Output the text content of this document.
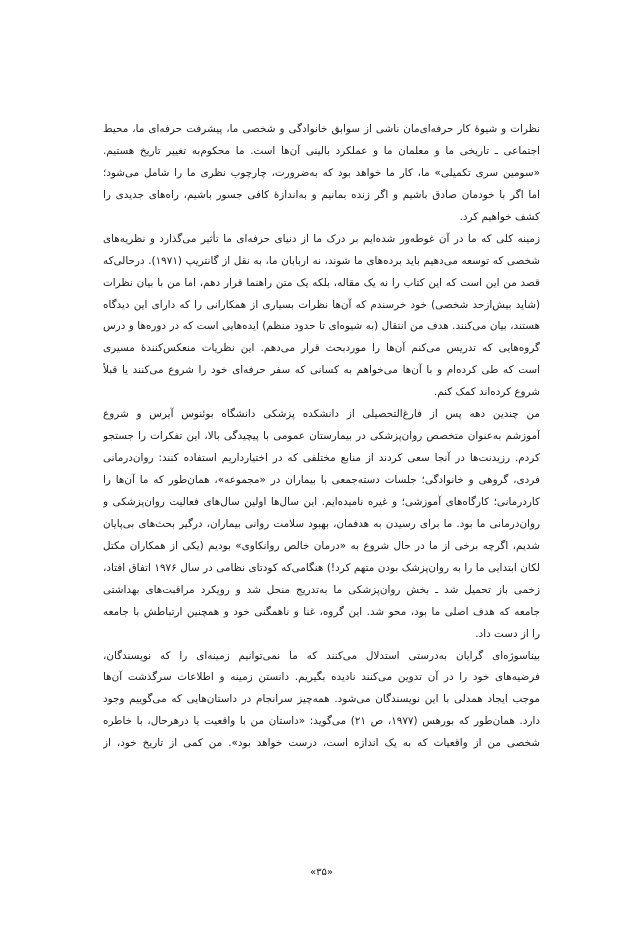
نظرات و شیوۀ کار حرفه‌ای‌مان ناشی از سوابق خانوادگی و شخصی ما، پیشرفت حرفه‌ای ما، محیط
اجتماعی ـ تاریخی ما و معلمان ما و عملکرد بالینی آن‌ها است. ما محکوم‌به تغییر تاریخ هستیم.
«سومین سری تکمیلی» ما، کار ما خواهد بود که به‌ضرورت، چارچوب نظری ما را شامل می‌شود؛
اما اگر با خودمان صادق باشیم و اگر زنده بمانیم و به‌اندازۀ کافی جسور باشیم، راه‌های جدیدی را
کشف خواهیم کرد.

زمینه کلی که ما در آن غوطه‌ور شده‌ایم بر درک ما از دنیای حرفه‌ای ما تأثیر می‌گذارد و نظریه‌های
شخصی که توسعه می‌دهیم باید برده‌های ما شوند، نه اربابان ما، به نقل از گانتریپ (۱۹۷۱). درحالی‌که
قصد من این است که این کتاب را نه یک مقاله، بلکه یک متن راهنما قرار دهم، اما من با بیان نظرات
(شاید بیش‌ازحد شخصی) خود خرسندم که آن‌ها نظرات بسیاری از همکارانی را که دارای این دیدگاه
هستند، بیان می‌کنند. هدف من انتقال (به شیوه‌ای تا حدود منظم) ایده‌هایی است که در دوره‌ها و درس
گروه‌هایی که تدریس می‌کنم آن‌ها را موردبحث قرار می‌دهم. این نظریات منعکس‌کنندۀ مسیری
است که طی کرده‌ام و با آن‌ها می‌خواهم به کسانی که سفر حرفه‌ای خود را شروع می‌کنند یا قبلاً
شروع کرده‌اند کمک کنم.

من چندین دهه پس از فارغ‌التحصیلی از دانشکده پزشکی دانشگاه بوئنوس آیرس و شروع
آموزشم به‌عنوان متخصص روان‌پزشکی در بیمارستان عمومی با پیچیدگی بالا، این تفکرات را جستجو
کردم. رزیدنت‌ها در آنجا سعی کردند از منابع مختلفی که در اختیارداریم استفاده کنند: روان‌درمانی
فردی، گروهی و خانوادگی؛ جلسات دسته‌جمعی با بیماران در «مجموعه»، همان‌طور که ما آن‌ها را
کاردرمانی؛ کارگاه‌های آموزشی؛ و غیره نامیده‌ایم. این سال‌ها اولین سال‌های فعالیت روان‌پزشکی و
روان‌درمانی ما بود. ما برای رسیدن به هدفمان، بهبود سلامت روانی بیماران، درگیر بحث‌های بی‌پایان
شدیم، اگرچه برخی از ما در حال شروع به «درمان خالص روانکاوی» بودیم (یکی از همکاران مکتل
لکان ابتدایی ما را به روان‌پزشک بودن متهم کرد!) هنگامی‌که کودتای نظامی در سال ۱۹۷۶ اتفاق افتاد،
زخمی باز تحمیل شد ـ بخش روان‌پزشکی ما به‌تدریج منحل شد و رویکرد مراقبت‌های بهداشتی
جامعه که هدف اصلی ما بود، محو شد. این گروه، غنا و ناهمگنی خود و همچنین ارتباطش با جامعه
را از دست داد.

بیناسوژه‌ای گرایان به‌درستی استدلال می‌کنند که ما نمی‌توانیم زمینه‌ای را که نویسندگان،
فرضیه‌های خود را در آن تدوین می‌کنند نادیده بگیریم. دانستن زمینه و اطلاعات سرگذشت آن‌ها
موجب ایجاد همدلی با این نویسندگان می‌شود. همه‌چیز سرانجام در داستان‌هایی که می‌گوییم وجود
دارد. همان‌طور که بورهس (۱۹۷۷، ص ۲۱) می‌گوید: «داستان من با واقعیت یا درهرحال، با خاطره
شخصی من از واقعیات که به یک اندازه است، درست خواهد بود». من کمی از تاریخ خود، از

«۳۵»
